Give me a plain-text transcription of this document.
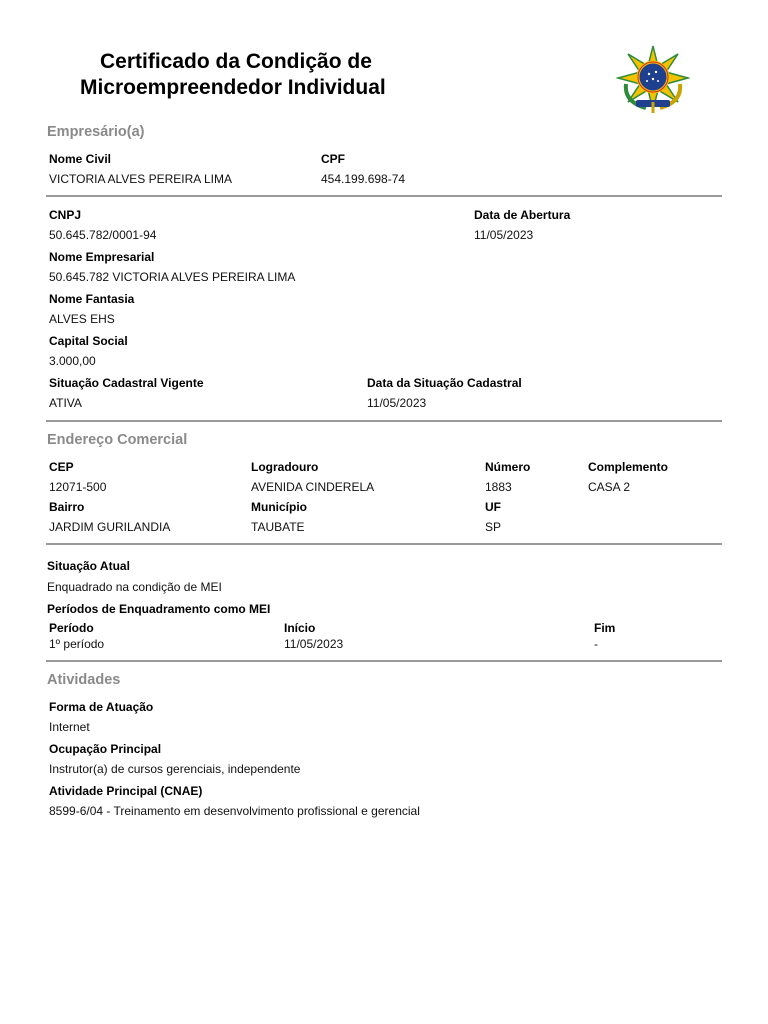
Certificado da Condição de
Microempreendedor Individual
Empresário(a)
Nome Civil
VICTORIA ALVES PEREIRA LIMA
CPF
454.199.698-74
CNPJ
50.645.782/0001-94
Data de Abertura
11/05/2023
Nome Empresarial
50.645.782 VICTORIA ALVES PEREIRA LIMA
Nome Fantasia
ALVES EHS
Capital Social
3.000,00
Situação Cadastral Vigente
ATIVA
Data da Situação Cadastral
11/05/2023
Endereço Comercial
CEP
12071-500
Logradouro
AVENIDA CINDERELA
Número
1883
Complemento
CASA 2
Bairro
JARDIM GURILANDIA
Município
TAUBATE
UF
SP
Situação Atual
Enquadrado na condição de MEI
Períodos de Enquadramento como MEI
Período	Início	Fim
1º período	11/05/2023	-
Atividades
Forma de Atuação
Internet
Ocupação Principal
Instrutor(a) de cursos gerenciais, independente
Atividade Principal (CNAE)
8599-6/04 - Treinamento em desenvolvimento profissional e gerencial
